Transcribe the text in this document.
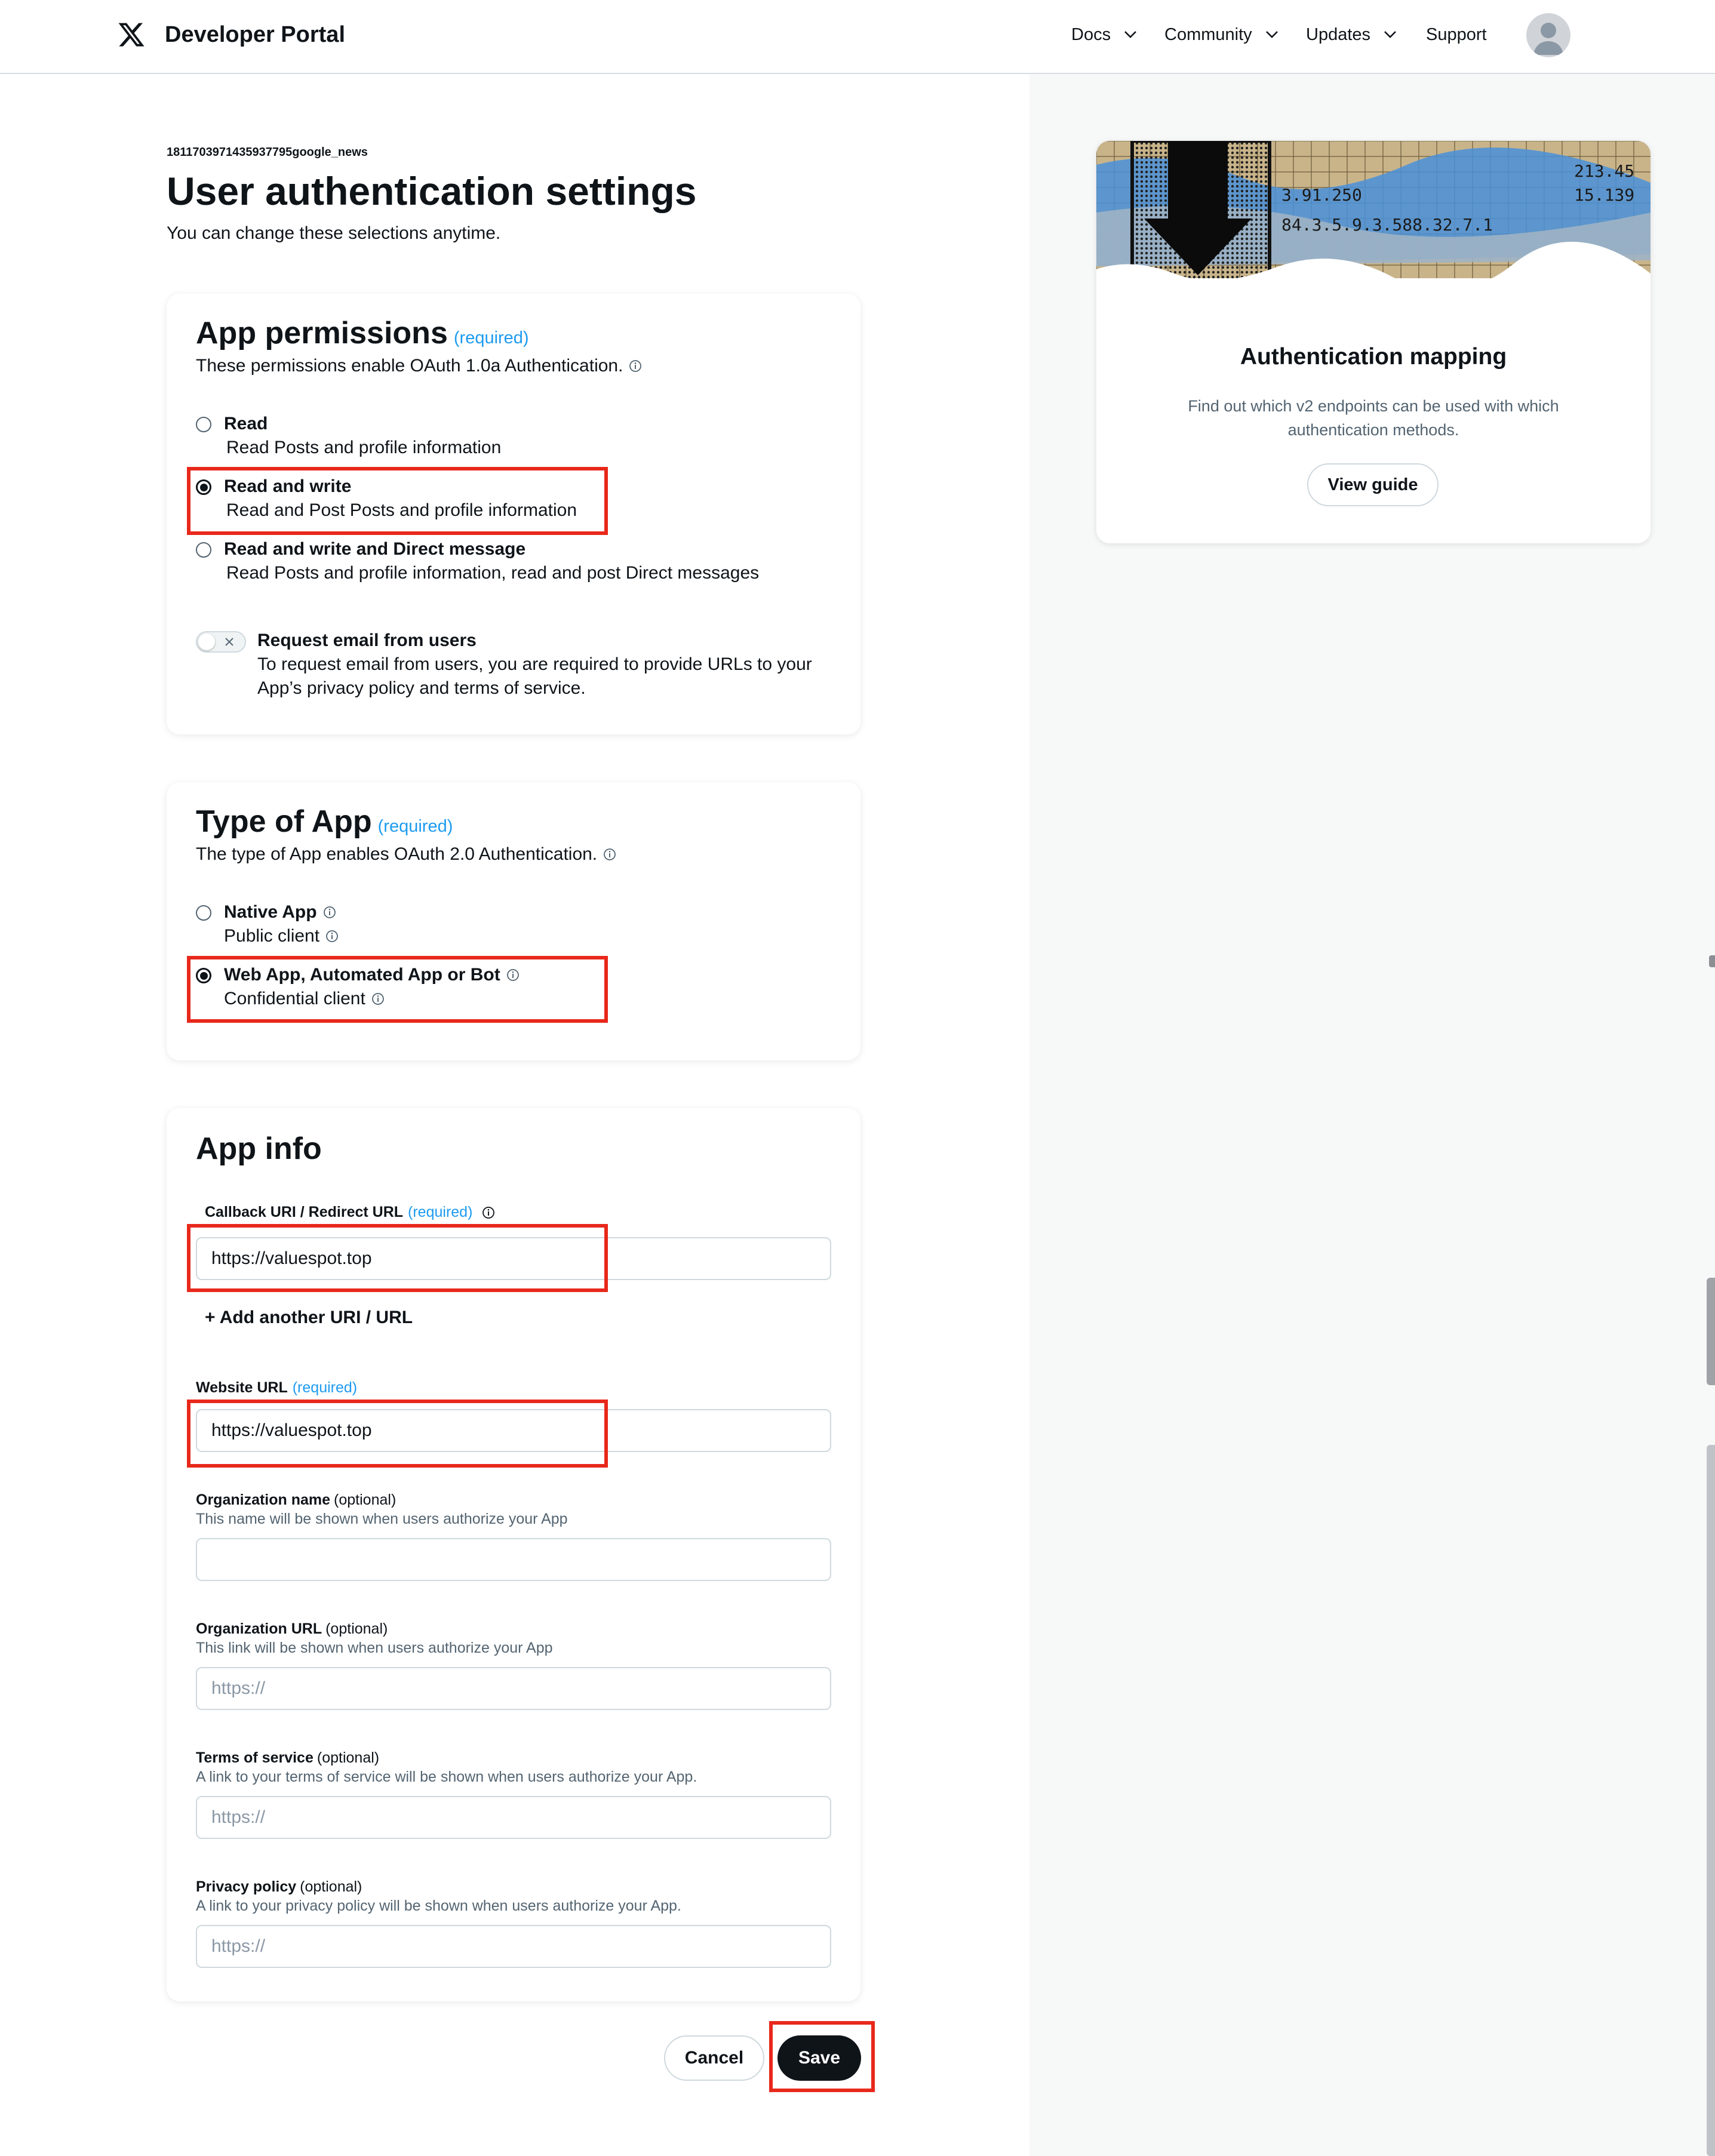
Developer Portal	Docs	Community	Updates	Support
3.91.250
84.3.5.9.3.588.32.7.1
213.45
15.139
Authentication mapping
Find out which v2 endpoints can be used with which authentication methods.
View guide
1811703971435937795google_news
User authentication settings
You can change these selections anytime.
App permissions (required)
These permissions enable OAuth 1.0a Authentication.
Read
Read Posts and profile information
Read and write
Read and Post Posts and profile information
Read and write and Direct message
Read Posts and profile information, read and post Direct messages
Request email from users
To request email from users, you are required to provide URLs to your
App’s privacy policy and terms of service.
Type of App (required)
The type of App enables OAuth 2.0 Authentication.
Native App
Public client
Web App, Automated App or Bot
Confidential client
App info
Callback URI / Redirect URL (required)
https://valuespot.top
+ Add another URI / URL
Website URL (required)
https://valuespot.top
Organization name (optional)
This name will be shown when users authorize your App
Organization URL (optional)
This link will be shown when users authorize your App
https://
Terms of service (optional)
A link to your terms of service will be shown when users authorize your App.
https://
Privacy policy (optional)
A link to your privacy policy will be shown when users authorize your App.
https://
Cancel	Save
